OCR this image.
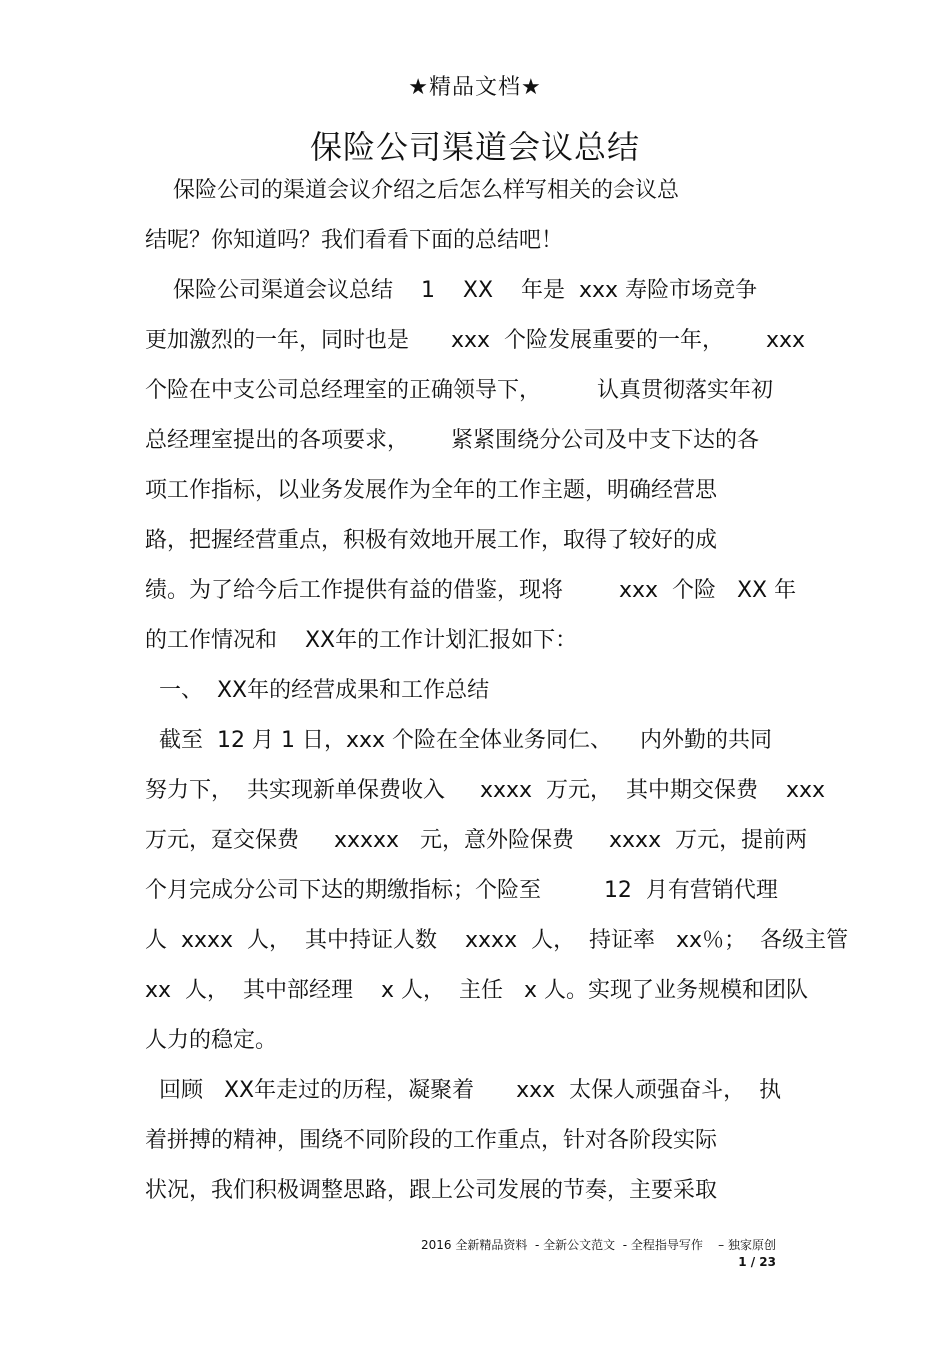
★精品文档★
保险公司渠道会议总结
保险公司的渠道会议介绍之后怎么样写相关的会议总
结呢？你知道吗？我们看看下面的总结吧！
保险公司渠道会议总结    1    XX    年是  xxx 寿险市场竞争
更加激烈的一年，同时也是      xxx  个险发展重要的一年，      xxx
个险在中支公司总经理室的正确领导下，        认真贯彻落实年初
总经理室提出的各项要求，      紧紧围绕分公司及中支下达的各
项工作指标，以业务发展作为全年的工作主题，明确经营思
路，把握经营重点，积极有效地开展工作，取得了较好的成
绩。为了给今后工作提供有益的借鉴，现将        xxx  个险   XX 年
的工作情况和    XX年的工作计划汇报如下：
一、  XX年的经营成果和工作总结
截至  12 月 1 日，xxx 个险在全体业务同仁、    内外勤的共同
努力下，  共实现新单保费收入     xxxx  万元，  其中期交保费    xxx
万元，趸交保费     xxxxx   元，意外险保费     xxxx  万元，提前两
个月完成分公司下达的期缴指标；个险至         12  月有营销代理
人  xxxx  人，  其中持证人数    xxxx  人，  持证率   xx％；  各级主管
xx  人，  其中部经理    x 人，  主任   x 人。实现了业务规模和团队
人力的稳定。
回顾   XX年走过的历程，凝聚着      xxx  太保人顽强奋斗，  执
着拼搏的精神，围绕不同阶段的工作重点，针对各阶段实际
状况，我们积极调整思路，跟上公司发展的节奏，主要采取
2016 全新精品资料  - 全新公文范文  - 全程指导写作    – 独家原创
1 / 23
